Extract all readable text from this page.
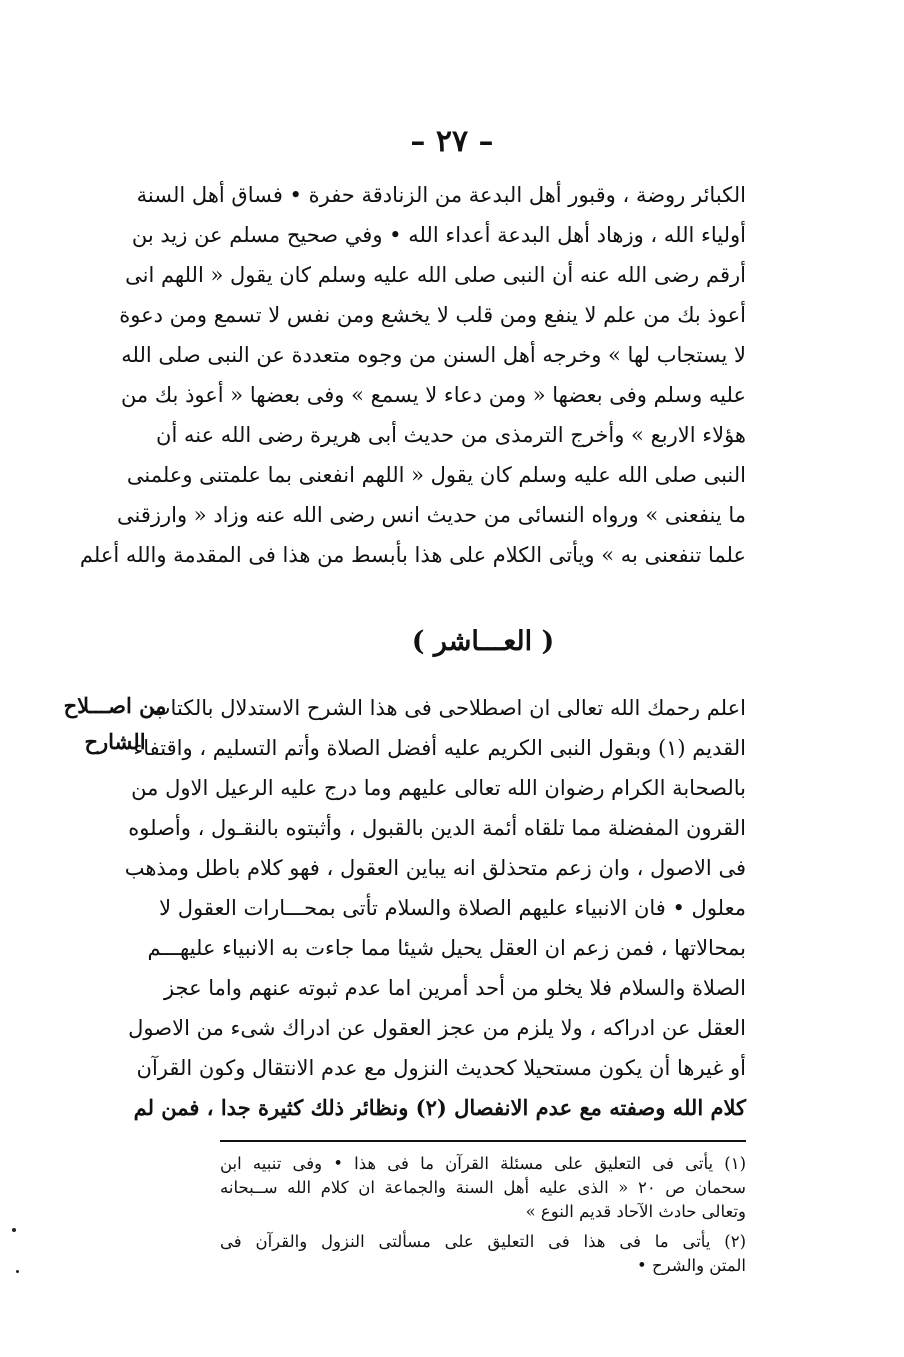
– ٢٧ –
الكبائر روضة ، وقبور أهل البدعة من الزنادقة حفرة • فساق أهل السنة
أولياء الله ، وزهاد أهل البدعة أعداء الله • وفي صحيح مسلم عن زيد بن
أرقم رضى الله عنه أن النبى صلى الله عليه وسلم كان يقول « اللهم انى
أعوذ بك من علم لا ينفع ومن قلب لا يخشع ومن نفس لا تسمع ومن دعوة
لا يستجاب لها » وخرجه أهل السنن من وجوه متعددة عن النبى صلى الله
عليه وسلم وفى بعضها « ومن دعاء لا يسمع » وفى بعضها « أعوذ بك من
هؤلاء الاربع » وأخرج الترمذى من حديث أبى هريرة رضى الله عنه أن
النبى صلى الله عليه وسلم كان يقول « اللهم انفعنى بما علمتنى وعلمنى
ما ينفعنى » ورواه النسائى من حديث انس رضى الله عنه وزاد « وارزقنى
علما تنفعنى به » ويأتى الكلام على هذا بأبسط من هذا فى المقدمة والله أعلم
( العـــاشر )
من اصـــلاح
الشارح
اعلم رحمك الله تعالى ان اصطلاحى فى هذا الشرح الاستدلال بالكتاب
القديم (١) وبقول النبى الكريم عليه أفضل الصلاة وأتم التسليم ، واقتفاء
بالصحابة الكرام رضوان الله تعالى عليهم وما درج عليه الرعيل الاول من
القرون المفضلة مما تلقاه أئمة الدين بالقبول ، وأثبتوه بالنقـول ، وأصلوه
فى الاصول ، وان زعم متحذلق انه يباين العقول ، فهو كلام باطل ومذهب
معلول • فان الانبياء عليهم الصلاة والسلام تأتى بمحـــارات العقول لا
بمحالاتها ، فمن زعم ان العقل يحيل شيئا مما جاءت به الانبياء عليهـــم
الصلاة والسلام فلا يخلو من أحد أمرين اما عدم ثبوته عنهم واما عجز
العقل عن ادراكه ، ولا يلزم من عجز العقول عن ادراك شىء من الاصول
أو غيرها أن يكون مستحيلا كحديث النزول مع عدم الانتقال وكون القرآن
كلام الله وصفته مع عدم الانفصال (٢) ونظائر ذلك كثيرة جدا ، فمن لم
(١) يأتى فى التعليق على مسئلة القرآن ما فى هذا • وفى تنبيه ابن
سحمان ص ٢٠ « الذى عليه أهل السنة والجماعة ان كلام الله ســبحانه
وتعالى حادث الآحاد قديم النوع »
(٢) يأتى ما فى هذا فى التعليق على مسألتى النزول والقرآن فى
المتن والشرح •
